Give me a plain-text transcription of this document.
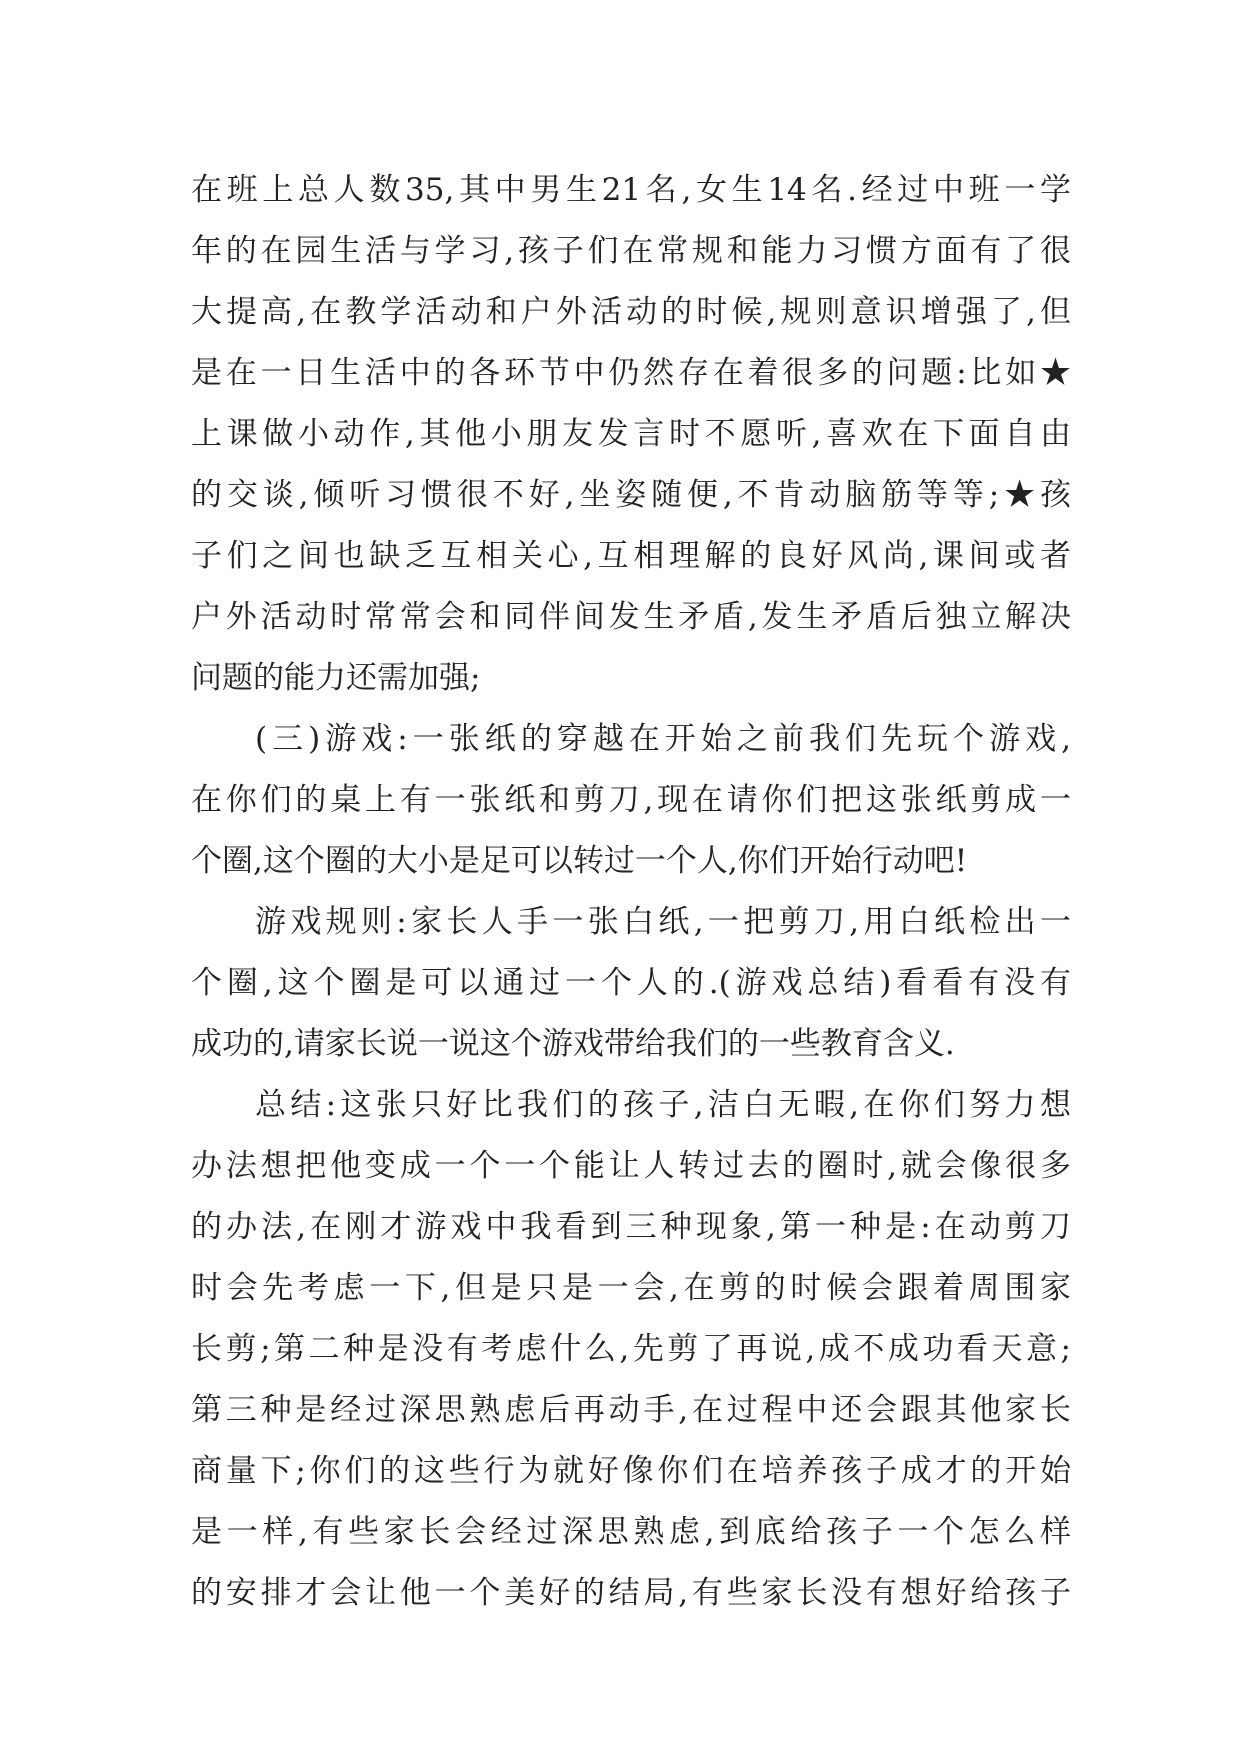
在班上总人数35,其中男生21名,女生14名.经过中班一学
年的在园生活与学习,孩子们在常规和能力习惯方面有了很
大提高,在教学活动和户外活动的时候,规则意识增强了,但
是在一日生活中的各环节中仍然存在着很多的问题:比如★
上课做小动作,其他小朋友发言时不愿听,喜欢在下面自由
的交谈,倾听习惯很不好,坐姿随便,不肯动脑筋等等;★孩
子们之间也缺乏互相关心,互相理解的良好风尚,课间或者
户外活动时常常会和同伴间发生矛盾,发生矛盾后独立解决
问题的能力还需加强;
(三)游戏:一张纸的穿越在开始之前我们先玩个游戏,
在你们的桌上有一张纸和剪刀,现在请你们把这张纸剪成一
个圈,这个圈的大小是足可以转过一个人,你们开始行动吧!
游戏规则:家长人手一张白纸,一把剪刀,用白纸检出一
个圈,这个圈是可以通过一个人的.(游戏总结)看看有没有
成功的,请家长说一说这个游戏带给我们的一些教育含义.
总结:这张只好比我们的孩子,洁白无暇,在你们努力想
办法想把他变成一个一个能让人转过去的圈时,就会像很多
的办法,在刚才游戏中我看到三种现象,第一种是:在动剪刀
时会先考虑一下,但是只是一会,在剪的时候会跟着周围家
长剪;第二种是没有考虑什么,先剪了再说,成不成功看天意;
第三种是经过深思熟虑后再动手,在过程中还会跟其他家长
商量下;你们的这些行为就好像你们在培养孩子成才的开始
是一样,有些家长会经过深思熟虑,到底给孩子一个怎么样
的安排才会让他一个美好的结局,有些家长没有想好给孩子
